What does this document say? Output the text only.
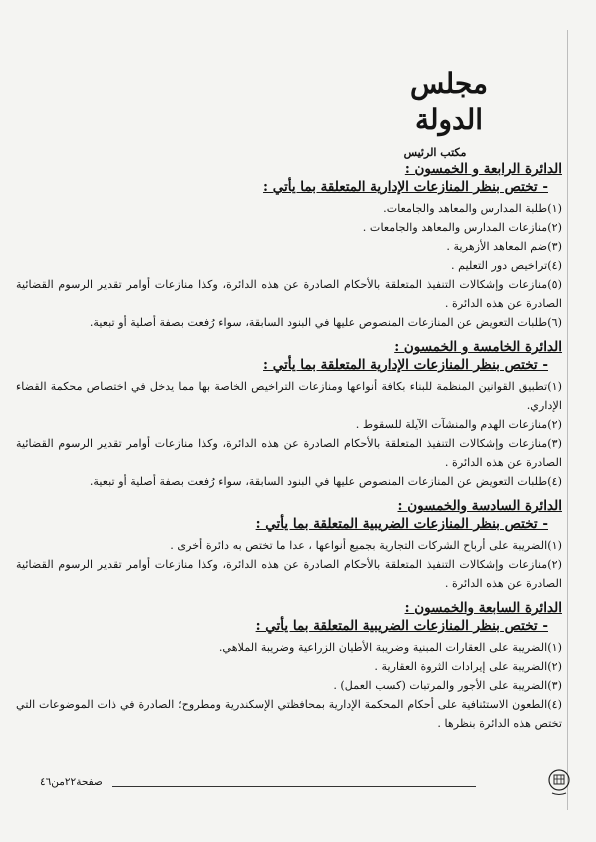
مجلس الدولة
مكتب الرئيس

الدائرة الرابعة و الخمسون :

- تختص بنظر المنازعات الإدارية المتعلقة بما يأتي :

(١)طلبة المدارس والمعاهد والجامعات.

(٢)منازعات المدارس والمعاهد والجامعات .

(٣)ضم المعاهد الأزهرية .

(٤)تراخيص دور التعليم .

(٥)منازعات وإشكالات التنفيذ المتعلقة بالأحكام الصادرة عن هذه الدائرة، وكذا منازعات أوامر تقدير الرسوم القضائية الصادرة عن هذه الدائرة .

(٦)طلبات التعويض عن المنازعات المنصوص عليها في البنود السابقة، سواء رُفعت بصفة أصلية أو تبعية.

الدائرة الخامسة و الخمسون :

- تختص بنظر المنازعات الإدارية المتعلقة بما يأتي :

(١)تطبيق القوانين المنظمة للبناء بكافة أنواعها ومنازعات التراخيص الخاصة بها مما يدخل في اختصاص محكمة القضاء الإداري.

(٢)منازعات الهدم والمنشآت الآيلة للسقوط .

(٣)منازعات وإشكالات التنفيذ المتعلقة بالأحكام الصادرة عن هذه الدائرة، وكذا منازعات أوامر تقدير الرسوم القضائية الصادرة عن هذه الدائرة .

(٤)طلبات التعويض عن المنازعات المنصوص عليها في البنود السابقة، سواء رُفعت بصفة أصلية أو تبعية.

الدائرة السادسة والخمسون :

- تختص بنظر المنازعات الضريبية المتعلقة بما يأتي :

(١)الضريبة على أرباح الشركات التجارية بجميع أنواعها ، عدا ما تختص به دائرة أخرى .

(٢)منازعات وإشكالات التنفيذ المتعلقة بالأحكام الصادرة عن هذه الدائرة، وكذا منازعات أوامر تقدير الرسوم القضائية الصادرة عن هذه الدائرة .

الدائرة السابعة والخمسون :

- تختص بنظر المنازعات الضريبية المتعلقة بما يأتي :

(١)الضريبة على العقارات المبنية وضريبة الأطيان الزراعية وضريبة الملاهي.

(٢)الضريبة على إيرادات الثروة العقارية .

(٣)الضريبة على الأجور والمرتبات (كسب العمل) .

(٤)الطعون الاستئنافية على أحكام المحكمة الإدارية بمحافظتي الإسكندرية ومطروح؛ الصادرة في ذات الموضوعات التي تختص هذه الدائرة بنظرها .

صفحة٢٢من٤٦
